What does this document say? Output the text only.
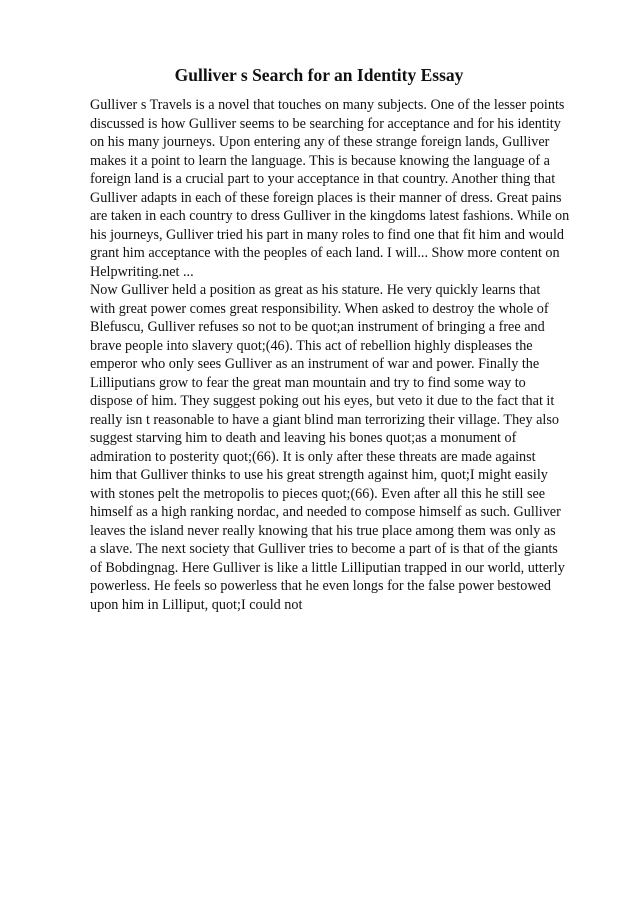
Gulliver s Search for an Identity Essay
Gulliver s Travels is a novel that touches on many subjects. One of the lesser points
discussed is how Gulliver seems to be searching for acceptance and for his identity
on his many journeys. Upon entering any of these strange foreign lands, Gulliver
makes it a point to learn the language. This is because knowing the language of a
foreign land is a crucial part to your acceptance in that country. Another thing that
Gulliver adapts in each of these foreign places is their manner of dress. Great pains
are taken in each country to dress Gulliver in the kingdoms latest fashions. While on
his journeys, Gulliver tried his part in many roles to find one that fit him and would
grant him acceptance with the peoples of each land. I will... Show more content on
Helpwriting.net ...
Now Gulliver held a position as great as his stature. He very quickly learns that
with great power comes great responsibility. When asked to destroy the whole of
Blefuscu, Gulliver refuses so not to be quot;an instrument of bringing a free and
brave people into slavery quot;(46). This act of rebellion highly displeases the
emperor who only sees Gulliver as an instrument of war and power. Finally the
Lilliputians grow to fear the great man mountain and try to find some way to
dispose of him. They suggest poking out his eyes, but veto it due to the fact that it
really isn t reasonable to have a giant blind man terrorizing their village. They also
suggest starving him to death and leaving his bones quot;as a monument of
admiration to posterity quot;(66). It is only after these threats are made against
him that Gulliver thinks to use his great strength against him, quot;I might easily
with stones pelt the metropolis to pieces quot;(66). Even after all this he still see
himself as a high ranking nordac, and needed to compose himself as such. Gulliver
leaves the island never really knowing that his true place among them was only as
a slave. The next society that Gulliver tries to become a part of is that of the giants
of Bobdingnag. Here Gulliver is like a little Lilliputian trapped in our world, utterly
powerless. He feels so powerless that he even longs for the false power bestowed
upon him in Lilliput, quot;I could not
